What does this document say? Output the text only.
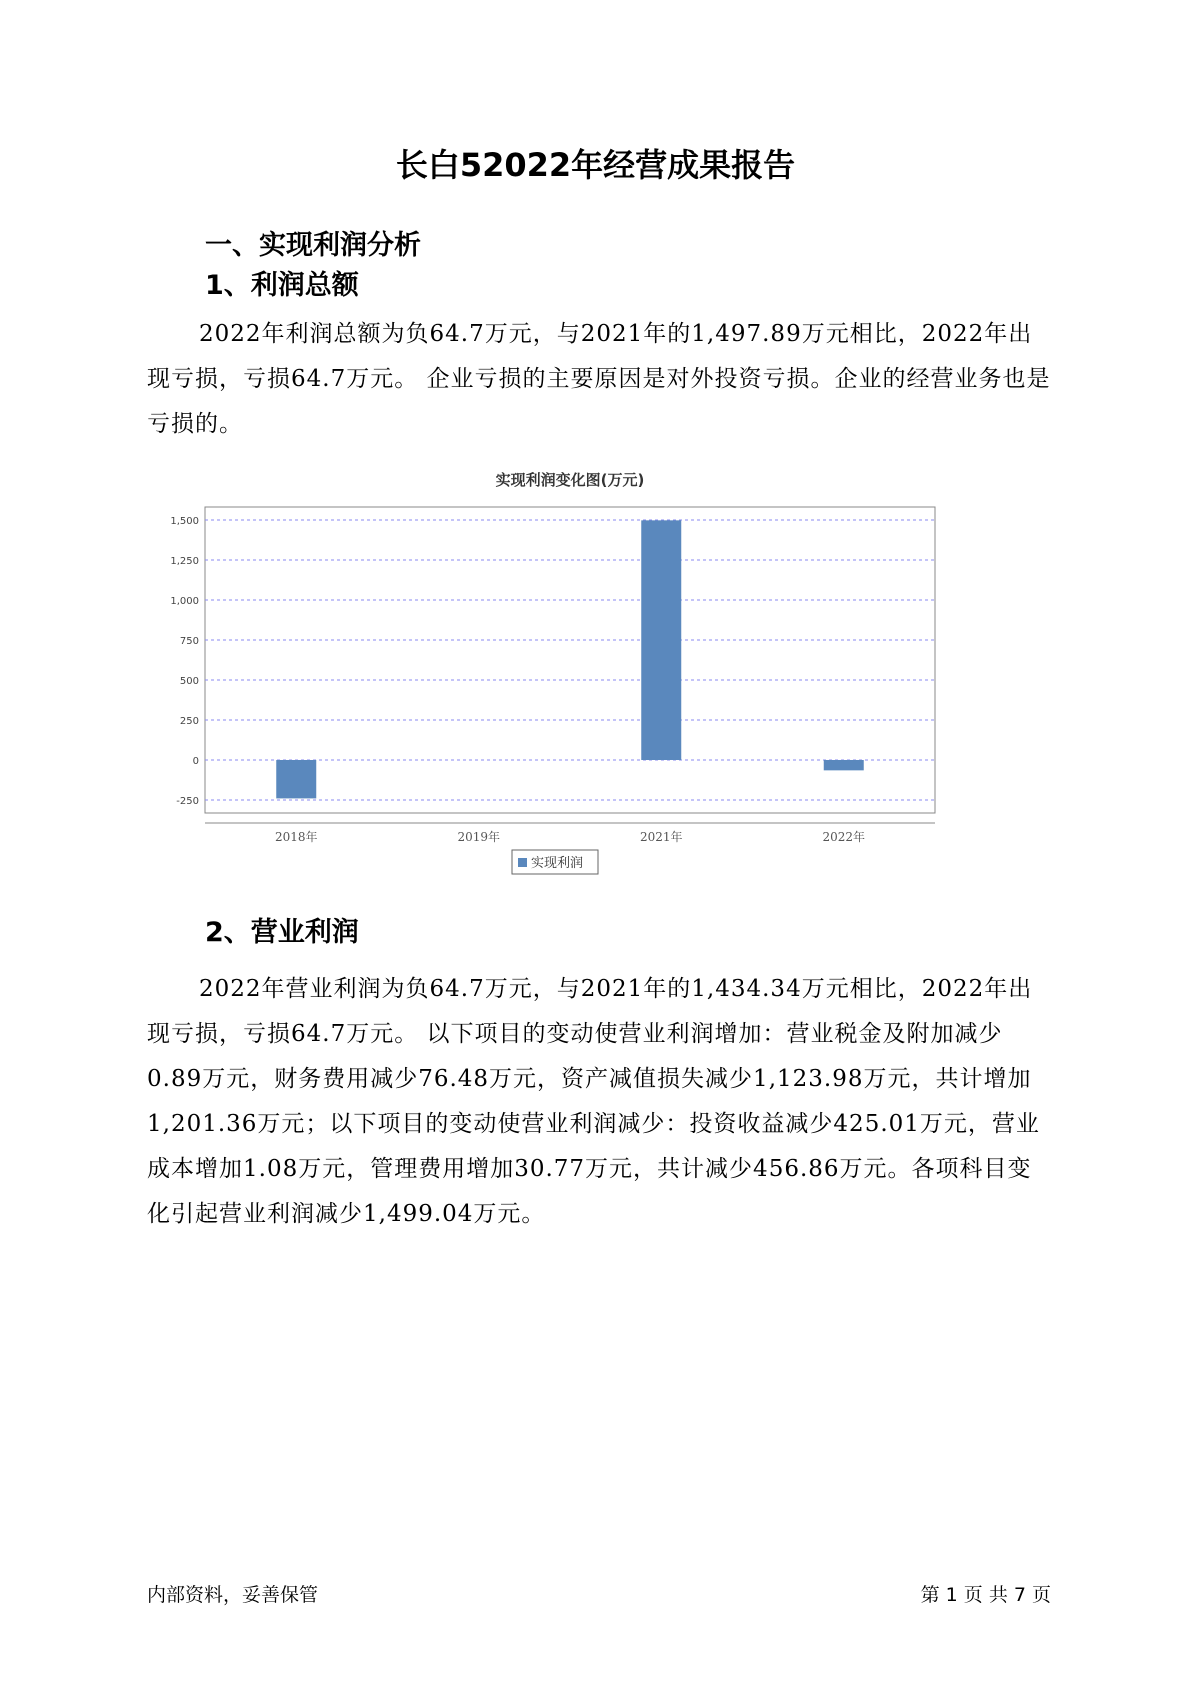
长白52022年经营成果报告
一、实现利润分析
1、利润总额

2022年利润总额为负64.7万元，与2021年的1,497.89万元相比，2022年出现亏损，亏损64.7万元。 企业亏损的主要原因是对外投资亏损。企业的经营业务也是亏损的。

实现利润变化图(万元)
-250
0
250
500
750
1,000
1,250
1,500
2018年	2019年	2021年	2022年
实现利润
2、营业利润

2022年营业利润为负64.7万元，与2021年的1,434.34万元相比，2022年出现亏损，亏损64.7万元。 以下项目的变动使营业利润增加：营业税金及附加减少0.89万元，财务费用减少76.48万元，资产减值损失减少1,123.98万元，共计增加1,201.36万元；以下项目的变动使营业利润减少：投资收益减少425.01万元，营业成本增加1.08万元，管理费用增加30.77万元，共计减少456.86万元。各项科目变化引起营业利润减少1,499.04万元。

内部资料，妥善保管	第 1 页 共 7 页
